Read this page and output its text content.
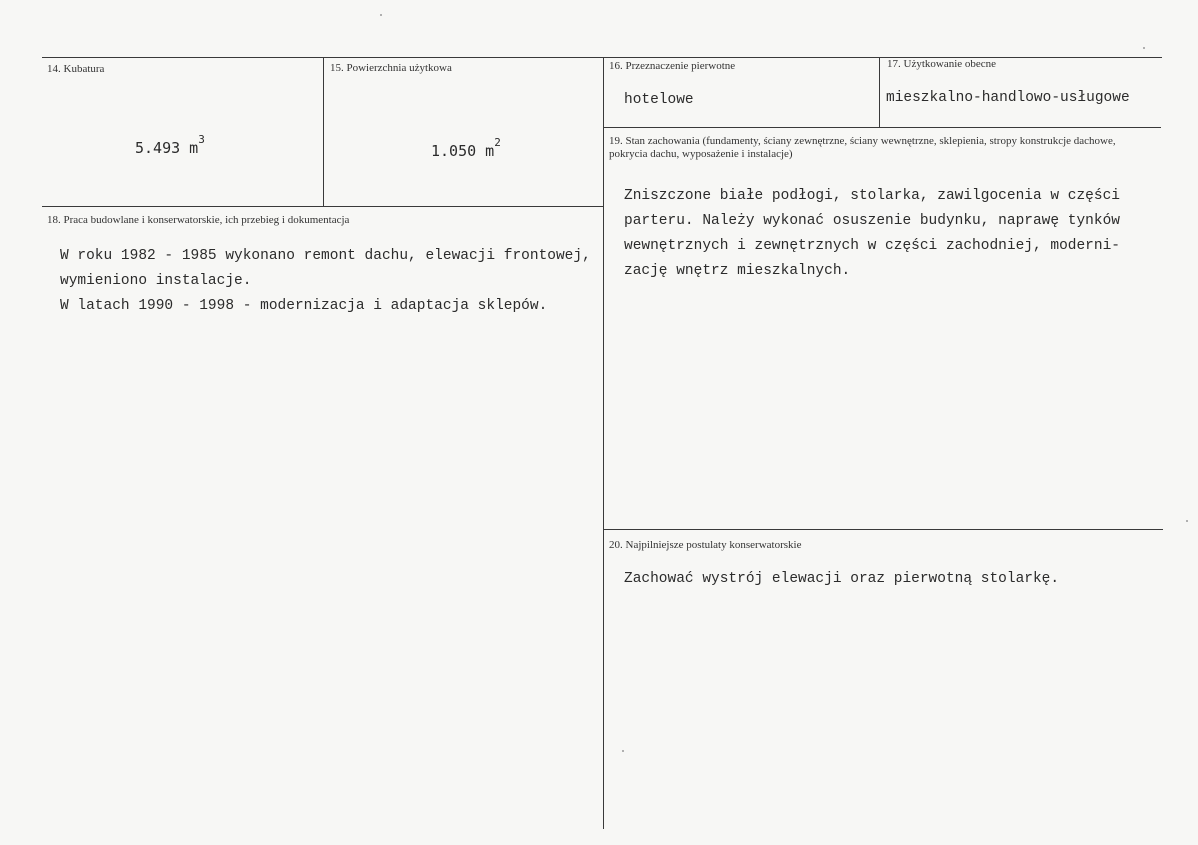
14. Kubatura
5.493 $m^3$
15. Powierzchnia użytkowa
1.050 $m^2$
16. Przeznaczenie pierwotne
hotelowe
17. Użytkowanie obecne
mieszkalno-handlowo-usługowe
18. Praca budowlane i konserwatorskie, ich przebieg i dokumentacja
W roku 1982 - 1985 wykonano remont dachu, elewacji frontowej,
wymieniono instalacje.
W latach 1990 - 1998 - modernizacja i adaptacja sklepów.
19. Stan zachowania (fundamenty, ściany zewnętrzne, ściany wewnętrzne, sklepienia, stropy konstrukcje dachowe, pokrycia dachu, wyposażenie i instalacje)
Zniszczone białe podłogi, stolarka, zawilgocenia w części
parteru. Należy wykonać osuszenie budynku, naprawę tynków
wewnętrznych i zewnętrznych w części zachodniej, moderni-
zację wnętrz mieszkalnych.
20. Najpilniejsze postulaty konserwatorskie
Zachować wystrój elewacji oraz pierwotną stolarkę.
